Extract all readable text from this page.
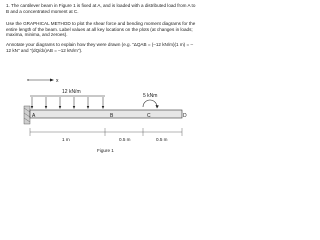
1. The cantilever beam in Figure 1 is fixed at A, and is loaded with a distributed load from A to B and a concentrated moment at C.
Use the GRAPHICAL METHOD to plot the shear force and bending moment diagrams for the entire length of the beam. Label values at all key locations on the plots (at changes in loads; maxima, minima, and zeroes).
Annotate your diagrams to explain how they were drawn (e.g. "ΔQAB = (–12 kN/m)(1 m) = –12 kN" and "(dQ/dx)AB = –12 kN/m").
x
12 kN/m
5 kNm
A	B	C	D
1 m	0.5 m	0.5 m
Figure 1
